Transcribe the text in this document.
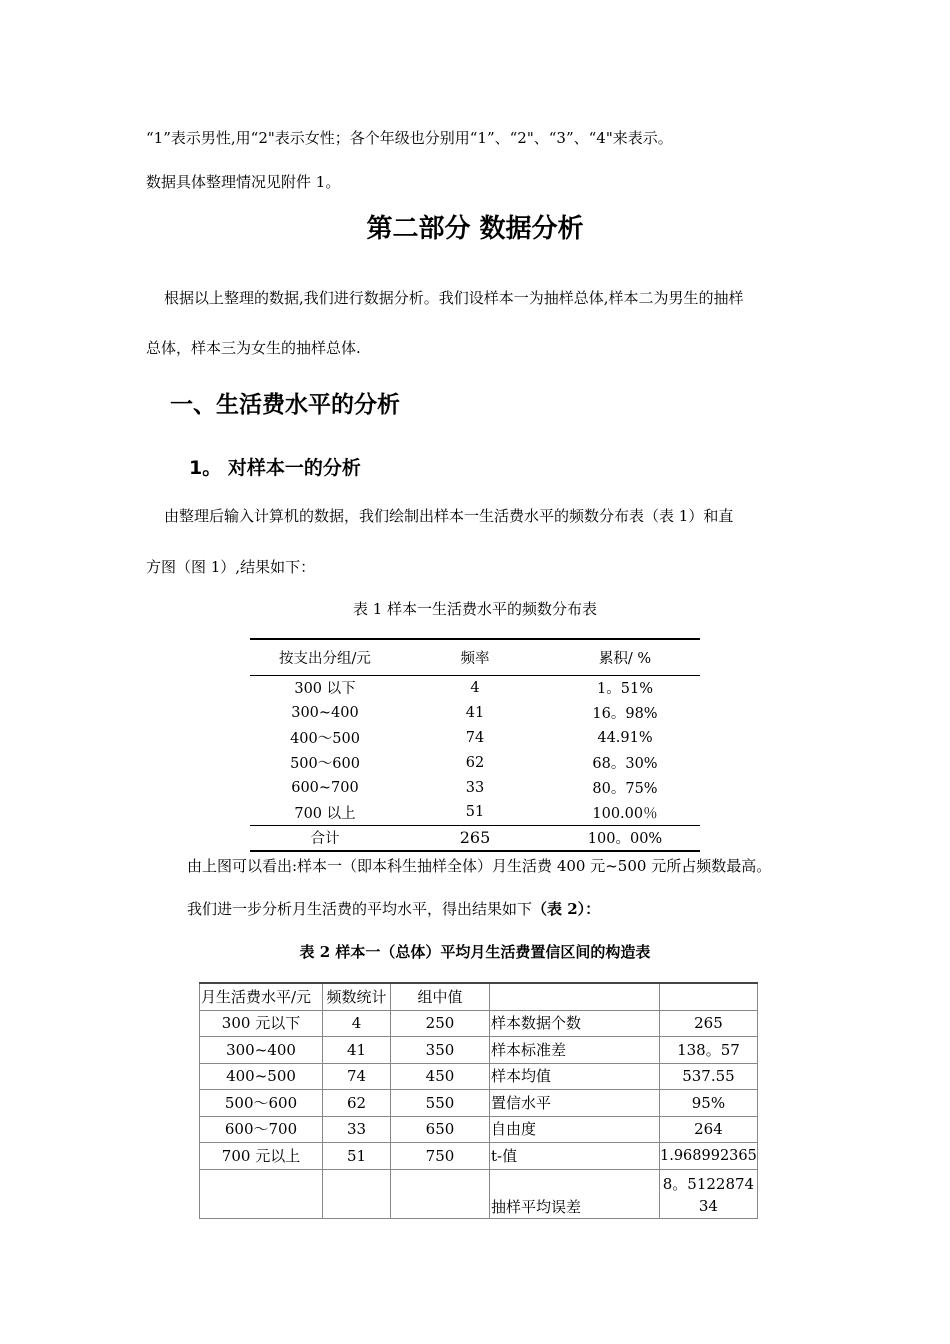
“1”表示男性,用“2"表示女性；各个年级也分别用“1”、“2"、“3”、“4"来表示。
数据具体整理情况见附件 1。
第二部分 数据分析
根据以上整理的数据,我们进行数据分析。我们设样本一为抽样总体,样本二为男生的抽样
总体，样本三为女生的抽样总体.
一、生活费水平的分析
1。 对样本一的分析
由整理后输入计算机的数据，我们绘制出样本一生活费水平的频数分布表（表 1）和直
方图（图 1）,结果如下：
表 1 样本一生活费水平的频数分布表
按支出分组/元	频率	累积/ %
300 以下	4	1。51%
300~400	41	16。98%
400～500	74	44.91%
500～600	62	68。30%
600~700	33	80。75%
700 以上	51	100.00％
合计	265	100。00%
由上图可以看出:样本一（即本科生抽样全体）月生活费 400 元~500 元所占频数最高。
我们进一步分析月生活费的平均水平，得出结果如下（表 2）：
表 2 样本一（总体）平均月生活费置信区间的构造表
月生活费水平/元	频数统计	组中值		
300 元以下	4	250	样本数据个数	265
300~400	41	350	样本标准差	138。57
400~500	74	450	样本均值	537.55
500～600	62	550	置信水平	95%
600～700	33	650	自由度	264
700 元以上	51	750	t-值	1.968992365
			抽样平均误差	8。5122874
34
